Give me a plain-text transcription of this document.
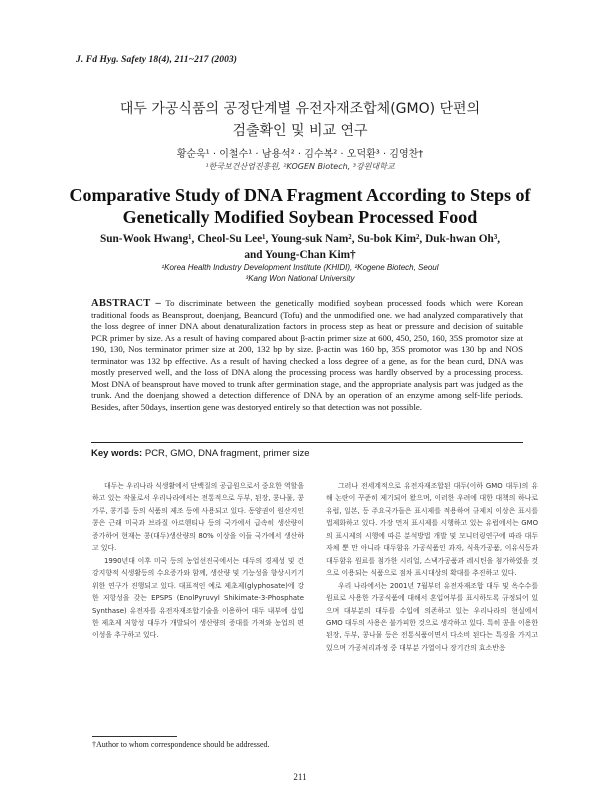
J. Fd Hyg. Safety 18(4), 211~217 (2003)
대두 가공식품의 공정단계별 유전자재조합체(GMO) 단편의
검출확인 및 비교 연구
황순욱¹ · 이철수¹ · 남용석² · 김수복² · 오덕환³ · 김영찬†
¹한국보건산업진흥원, ²KOGEN Biotech, ³강원대학교
Comparative Study of DNA Fragment According to Steps of
Genetically Modified Soybean Processed Food
Sun-Wook Hwang¹, Cheol-Su Lee¹, Young-suk Nam², Su-bok Kim², Duk-hwan Oh³,
and Young-Chan Kim†
¹Korea Health Industry Development Institute (KHIDI), ²Kogene Biotech, Seoul
³Kang Won National University
ABSTRACT – To discriminate between the genetically modified soybean processed foods which were Korean traditional foods as Beansprout, doenjang, Beancurd (Tofu) and the unmodified one. we had analyzed comparatively that the loss degree of inner DNA about denaturalization factors in process step as heat or pressure and decision of suitable PCR primer by size. As a result of having compared about β-actin primer size at 600, 450, 250, 160, 35S promotor size at 190, 130, Nos terminator primer size at 200, 132 bp by size. β-actin was 160 bp, 35S promotor was 130 bp and NOS terminator was 132 bp effective. As a result of having checked a loss degree of a gene, as for the bean curd, DNA was mostly preserved well, and the loss of DNA along the processing process was hardly observed by a processing process. Most DNA of beansprout have moved to trunk after germination stage, and the appropriate analysis part was judged as the trunk. And the doenjang showed a detection difference of DNA by an operation of an enzyme among self-life periods. Besides, after 50days, insertion gene was destoryed entirely so that detection was not possible.
Key words: PCR, GMO, DNA fragment, primer size

대두는 우리나라 식생활에서 단백질의 공급원으로서 중요한 역할을 하고 있는 작물로서 우리나라에서는 전통적으로 두부, 된장, 콩나물, 콩가루, 콩기름 등의 식품의 제조 등에 사용되고 있다. 동양권이 원산지인 콩은 근래 미국과 브라질 아르헨티나 등의 국가에서 급속히 생산량이 증가하여 현재는 콩(대두)생산량의 80% 이상을 이들 국가에서 생산하고 있다.

1990년대 이후 미국 등의 농업선진국에서는 대두의 경제성 및 건강지향적 식생활등의 수요증가와 함께, 생산량 및 기능성을 향상시키기 위한 연구가 진행되고 있다. 대표적인 예로 제초제(glyphosate)에 강한 저항성을 갖는 EPSPS (EnolPyruvyl Shikimate-3-Phosphate Synthase) 유전자를 유전자재조합기술을 이용하여 대두 내부에 삽입한 제초제 저항성 대두가 개발되어 생산량의 증대를 가져와 농업의 편이성을 추구하고 있다.

그러나 전세계적으로 유전자재조합된 대두(이하 GMO 대두)의 유해 논란이 꾸준히 제기되어 왔으며, 이러한 우려에 대한 대책의 하나로 유럽, 일본, 등 주요국가들은 표시제를 적용하여 규제치 이상은 표시를 법제화하고 있다. 가장 먼저 표시제를 시행하고 있는 유럽에서는 GMO의 표시제의 시행에 따른 분석방법 개발 및 모니터링연구에 따라 대두 자체 뿐 만 아니라 대두함유 가공식품인 과자, 식육가공품, 이유식등과 대두함유 원료를 첨가한 시리얼, 스낵가공품과 레시틴을 첨가하였을 것으로 이용되는 식품으로 점차 표시대상의 확대를 추진하고 있다.

우리 나라에서는 2001년 7월부터 유전자재조합 대두 및 옥수수를 원료로 사용한 가공식품에 대해서 혼입여부를 표시하도록 규정되어 있으며 대부분의 대두를 수입에 의존하고 있는 우리나라의 현실에서 GMO 대두의 사용은 불가피한 것으로 생각하고 있다. 특히 콩을 이용한 된장, 두부, 콩나물 등은 전통식품이면서 다소비 된다는 특징을 가지고 있으며 가공처리과정 중 대부분 가열이나 장기간의 효소반응

†Author to whom correspondence should be addressed.
211
